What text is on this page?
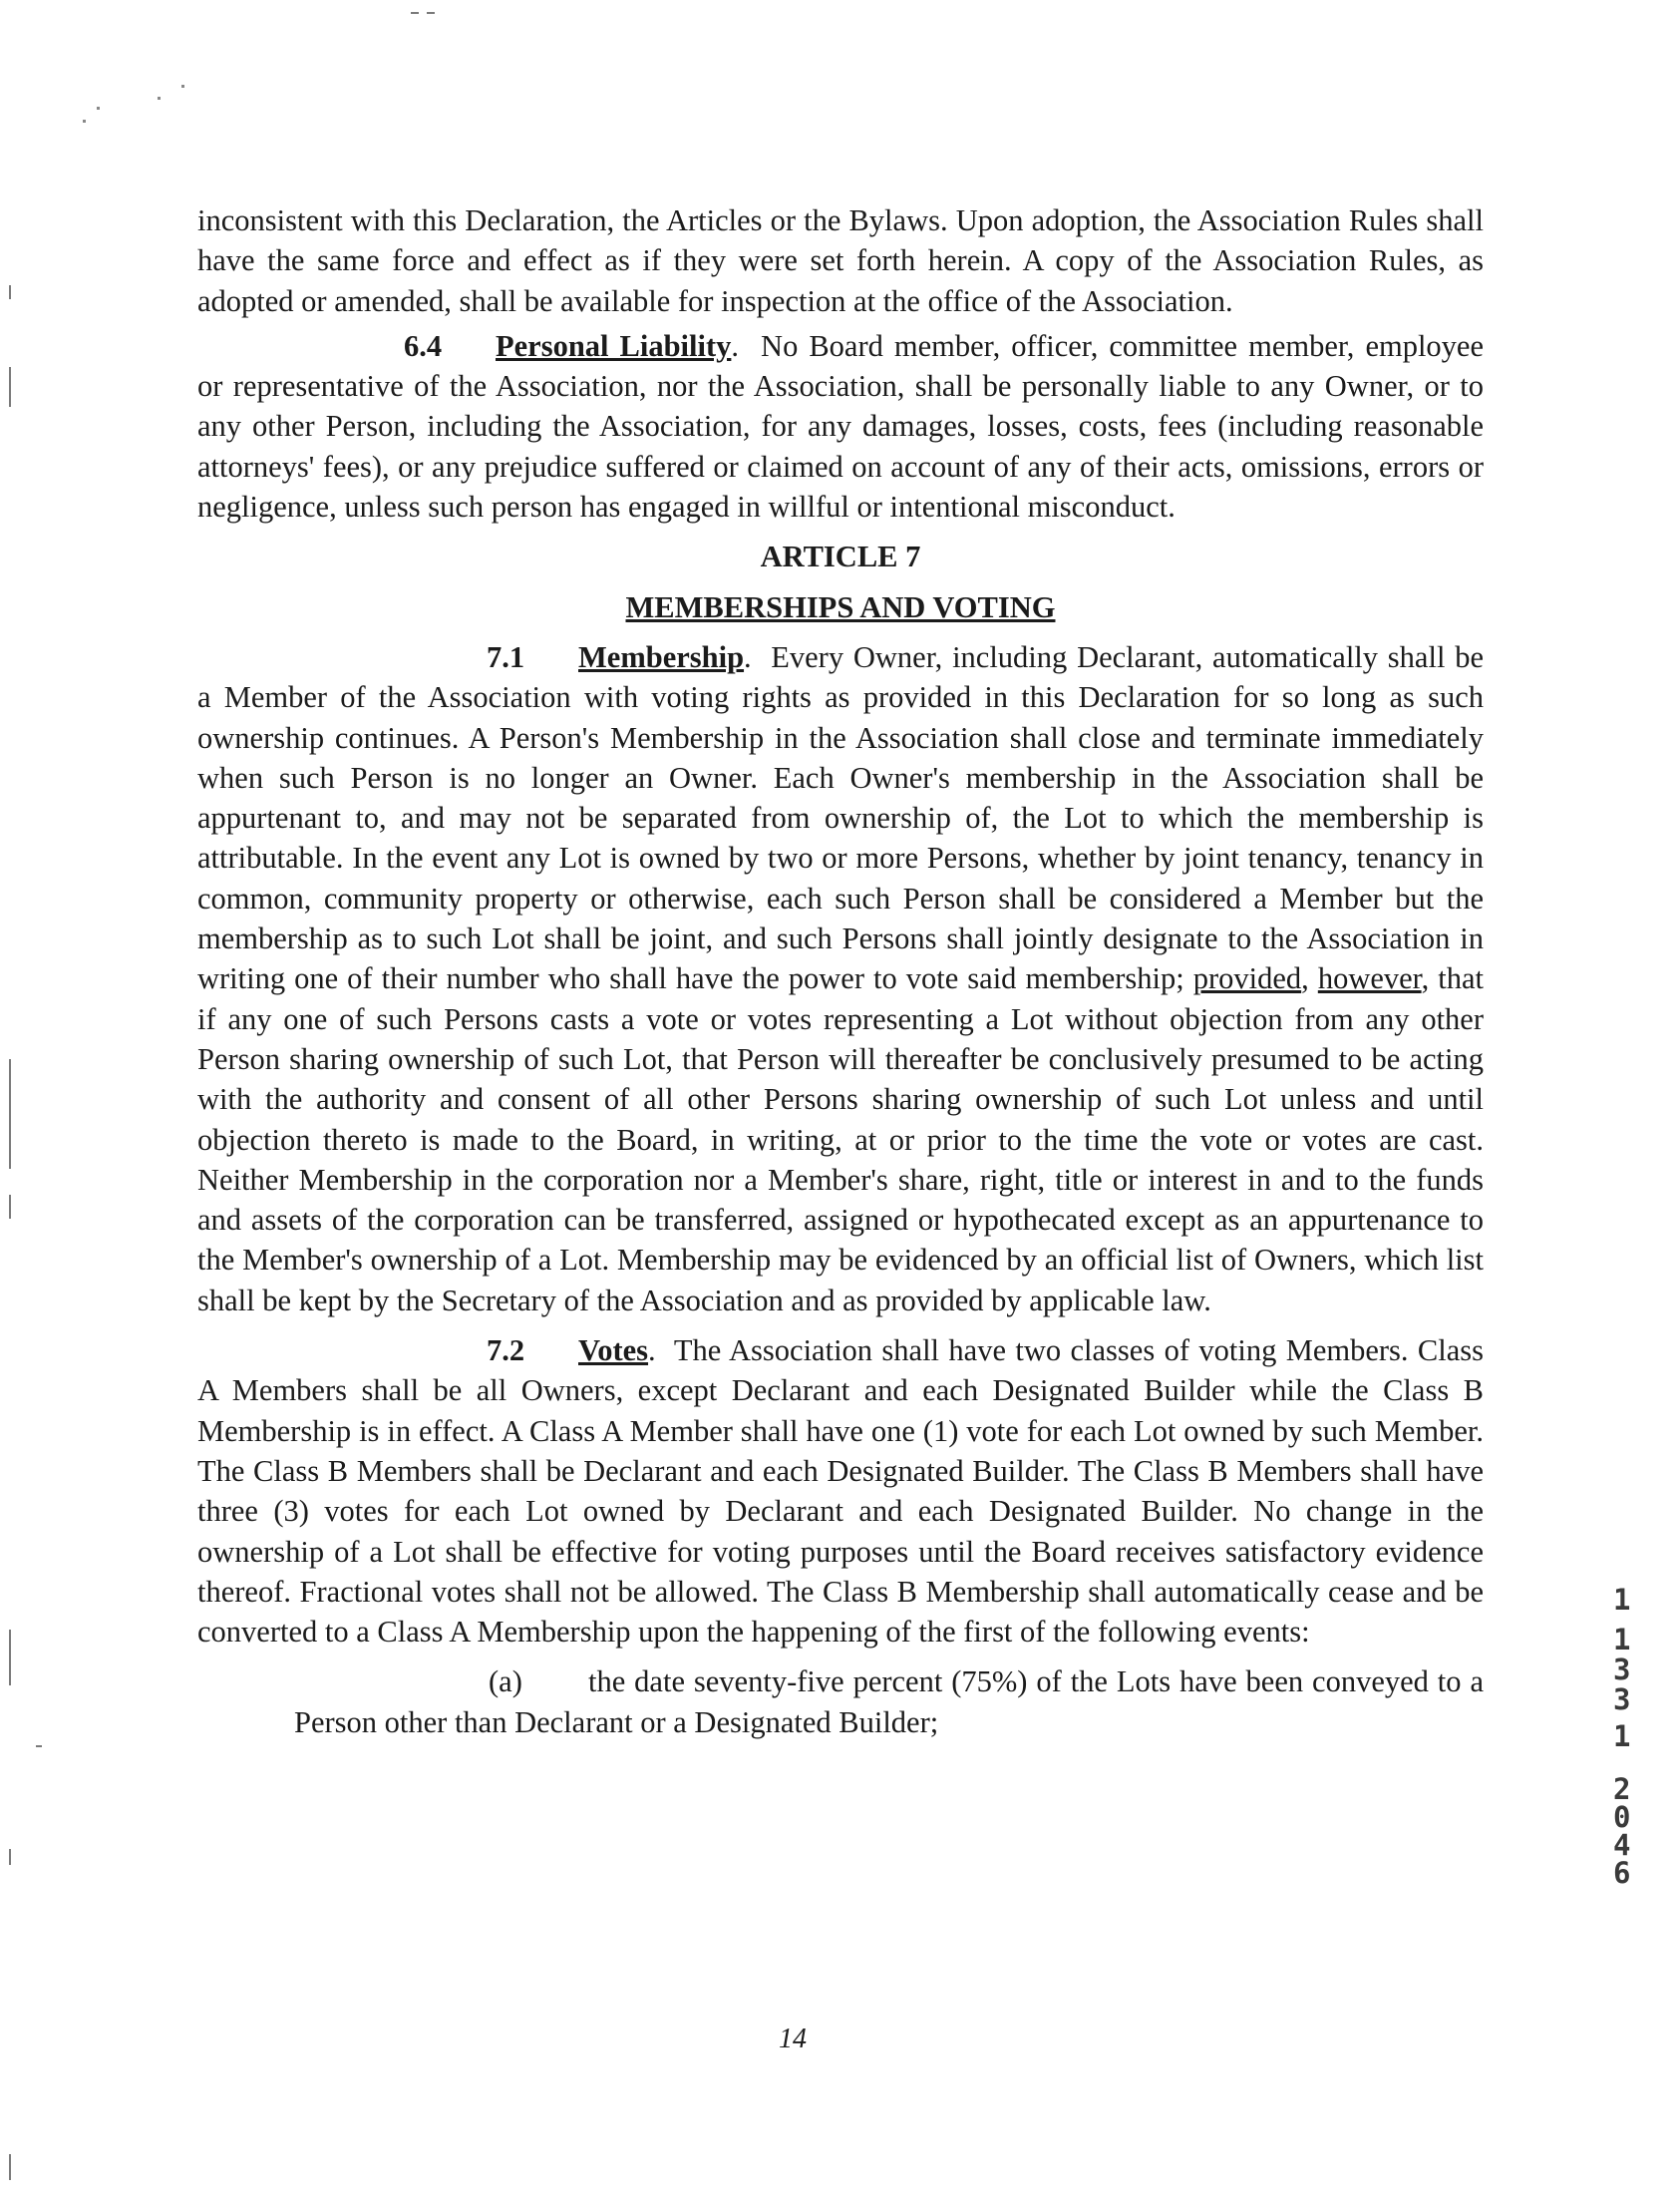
inconsistent with this Declaration, the Articles or the Bylaws. Upon adoption, the Association Rules shall have the same force and effect as if they were set forth herein. A copy of the Association Rules, as adopted or amended, shall be available for inspection at the office of the Association.

6.4 Personal Liability.  No Board member, officer, committee member, employee or representative of the Association, nor the Association, shall be personally liable to any Owner, or to any other Person, including the Association, for any damages, losses, costs, fees (including reasonable attorneys' fees), or any prejudice suffered or claimed on account of any of their acts, omissions, errors or negligence, unless such person has engaged in willful or intentional misconduct.

ARTICLE 7

MEMBERSHIPS AND VOTING

7.1 Membership.  Every Owner, including Declarant, automatically shall be a Member of the Association with voting rights as provided in this Declaration for so long as such ownership continues. A Person's Membership in the Association shall close and terminate immediately when such Person is no longer an Owner. Each Owner's membership in the Association shall be appurtenant to, and may not be separated from ownership of, the Lot to which the membership is attributable. In the event any Lot is owned by two or more Persons, whether by joint tenancy, tenancy in common, community property or otherwise, each such Person shall be considered a Member but the membership as to such Lot shall be joint, and such Persons shall jointly designate to the Association in writing one of their number who shall have the power to vote said membership; provided, however, that if any one of such Persons casts a vote or votes representing a Lot without objection from any other Person sharing ownership of such Lot, that Person will thereafter be conclusively presumed to be acting with the authority and consent of all other Persons sharing ownership of such Lot unless and until objection thereto is made to the Board, in writing, at or prior to the time the vote or votes are cast. Neither Membership in the corporation nor a Member's share, right, title or interest in and to the funds and assets of the corporation can be transferred, assigned or hypothecated except as an appurtenance to the Member's ownership of a Lot. Membership may be evidenced by an official list of Owners, which list shall be kept by the Secretary of the Association and as provided by applicable law.

7.2 Votes.  The Association shall have two classes of voting Members. Class A Members shall be all Owners, except Declarant and each Designated Builder while the Class B Membership is in effect. A Class A Member shall have one (1) vote for each Lot owned by such Member. The Class B Members shall be Declarant and each Designated Builder. The Class B Members shall have three (3) votes for each Lot owned by Declarant and each Designated Builder. No change in the ownership of a Lot shall be effective for voting purposes until the Board receives satisfactory evidence thereof. Fractional votes shall not be allowed. The Class B Membership shall automatically cease and be converted to a Class A Membership upon the happening of the first of the following events:

(a) the date seventy-five percent (75%) of the Lots have been conveyed to a Person other than Declarant or a Designated Builder;

1
1
3
3
1
2
0
4
6
14
